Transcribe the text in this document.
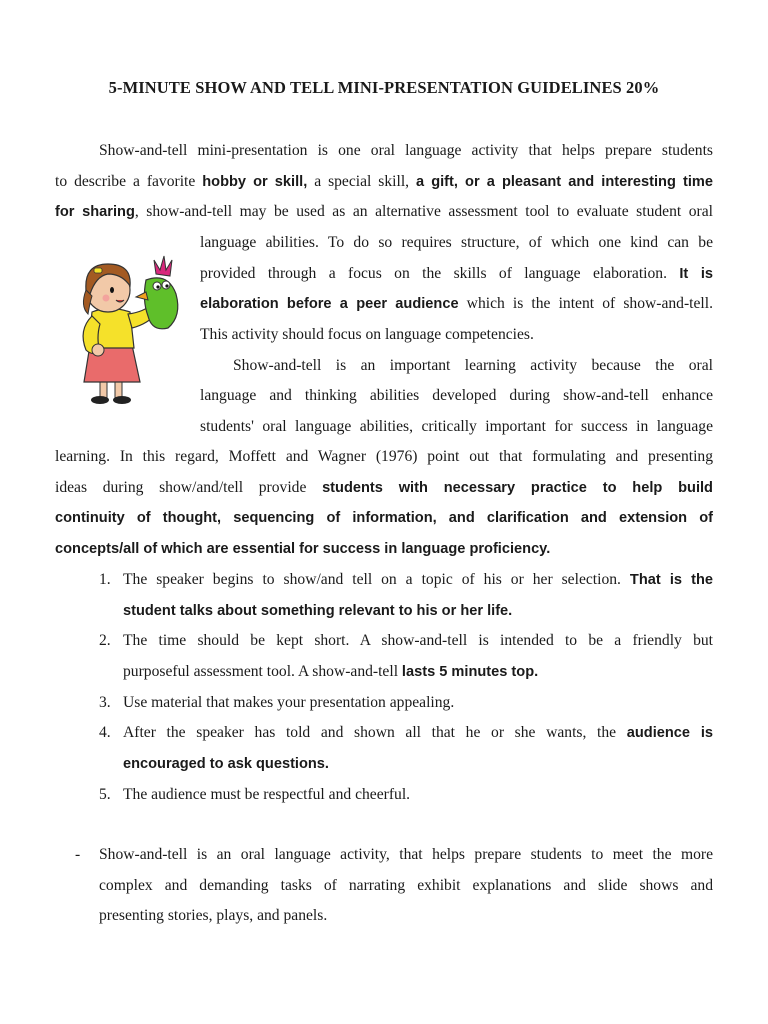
5-MINUTE SHOW AND TELL MINI-PRESENTATION GUIDELINES 20%
Show-and-tell mini-presentation is one oral language activity that helps prepare students
to describe a favorite hobby or skill, a special skill, a gift, or a pleasant and interesting time
for sharing, show-and-tell may be used as an alternative assessment tool to evaluate student oral
language abilities. To do so requires structure, of which one kind can be
provided through a focus on the skills of language elaboration. It is
elaboration before a peer audience which is the intent of show-and-tell.
This activity should focus on language competencies.
Show-and-tell is an important learning activity because the oral
language and thinking abilities developed during show-and-tell enhance
students' oral language abilities, critically important for success in language
learning. In this regard, Moffett and Wagner (1976) point out that formulating and presenting
ideas during show/and/tell provide students with necessary practice to help build
continuity of thought, sequencing of information, and clarification and extension of
concepts/all of which are essential for success in language proficiency.
1. The speaker begins to show/and tell on a topic of his or her selection. That is the
student talks about something relevant to his or her life.
2. The time should be kept short. A show-and-tell is intended to be a friendly but
purposeful assessment tool. A show-and-tell lasts 5 minutes top.
3. Use material that makes your presentation appealing.
4. After the speaker has told and shown all that he or she wants, the audience is
encouraged to ask questions.
5. The audience must be respectful and cheerful.
- Show-and-tell is an oral language activity, that helps prepare students to meet the more
complex and demanding tasks of narrating exhibit explanations and slide shows and
presenting stories, plays, and panels.
